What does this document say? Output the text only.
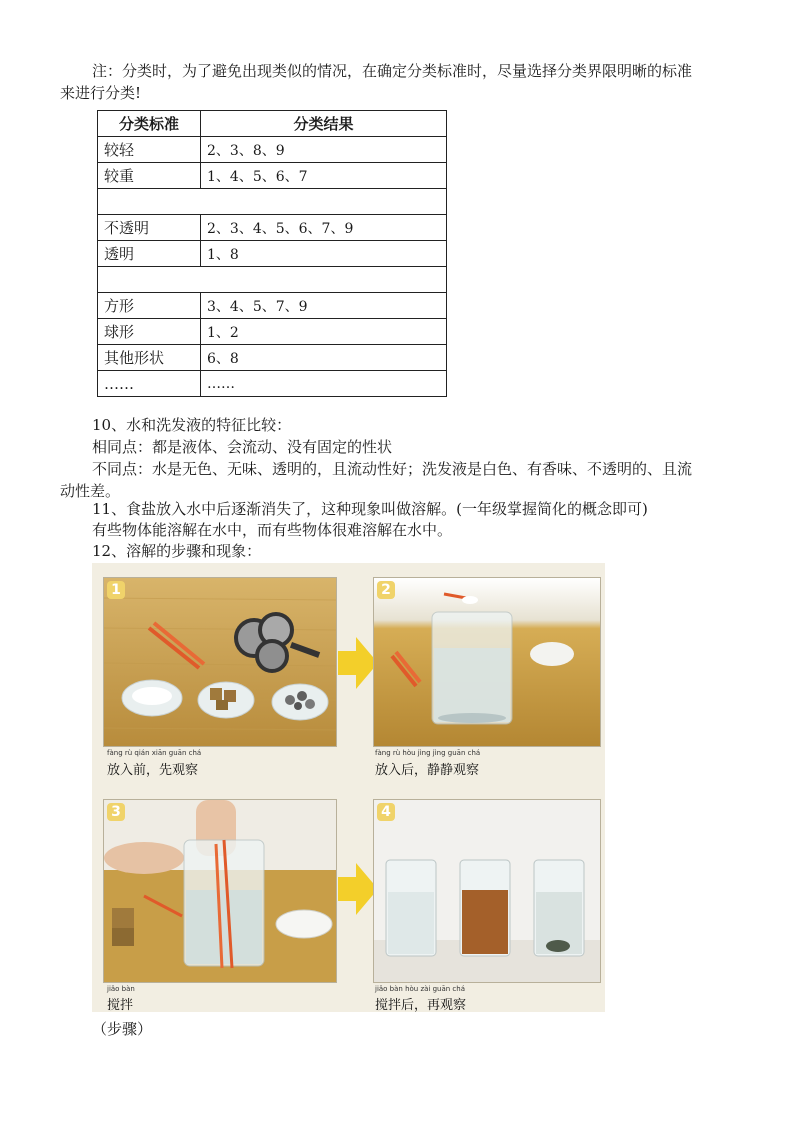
注：分类时，为了避免出现类似的情况，在确定分类标准时，尽量选择分类界限明晰的标准
来进行分类!
分类标准	分类结果
较轻	2、3、8、9
较重	1、4、5、6、7

不透明	2、3、4、5、6、7、9
透明	1、8

方形	3、4、5、7、9
球形	1、2
其他形状	6、8
……	……
10、水和洗发液的特征比较：
相同点：都是液体、会流动、没有固定的性状
不同点：水是无色、无味、透明的，且流动性好；洗发液是白色、有香味、不透明的、且流
动性差。
11、食盐放入水中后逐渐消失了，这种现象叫做溶解。(一年级掌握简化的概念即可)
有些物体能溶解在水中，而有些物体很难溶解在水中。
12、溶解的步骤和现象：
1
fàng rù qián xiān guān chá
放入前，先观察
2
fàng rù hòu jìng jìng guān chá
放入后，静静观察
3
jiǎo bàn
搅拌
4
jiǎo bàn hòu zài guān chá
搅拌后，再观察
（步骤）
